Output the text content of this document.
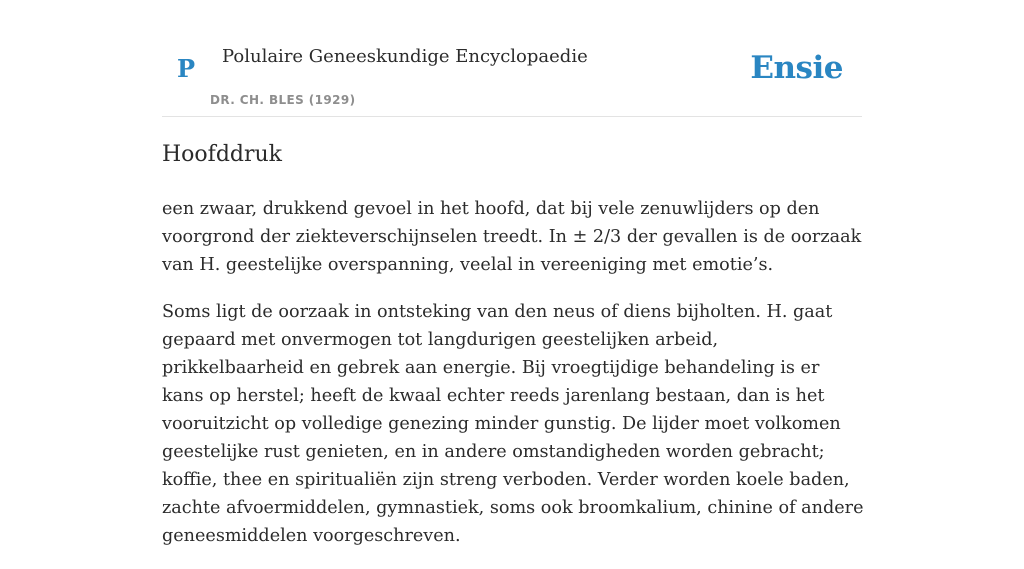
P Polulaire Geneeskundige Encyclopaedie
DR. CH. BLES (1929)
Ensie
Hoofddruk

een zwaar, drukkend gevoel in het hoofd, dat bij vele zenuwlijders op den voorgrond der ziekteverschijnselen treedt. In ± 2/3 der gevallen is de oorzaak van H. geestelijke overspanning, veelal in vereeniging met emotie’s.

Soms ligt de oorzaak in ontsteking van den neus of diens bijholten. H. gaat gepaard met onvermogen tot langdurigen geestelijken arbeid, prikkelbaarheid en gebrek aan energie. Bij vroegtijdige behandeling is er kans op herstel; heeft de kwaal echter reeds jarenlang bestaan, dan is het vooruitzicht op volledige genezing minder gunstig. De lijder moet volkomen geestelijke rust genieten, en in andere omstandigheden worden gebracht; koffie, thee en spiritualiën zijn streng verboden. Verder worden koele baden, zachte afvoermiddelen, gymnastiek, soms ook broomkalium, chinine of andere geneesmiddelen voorgeschreven.
